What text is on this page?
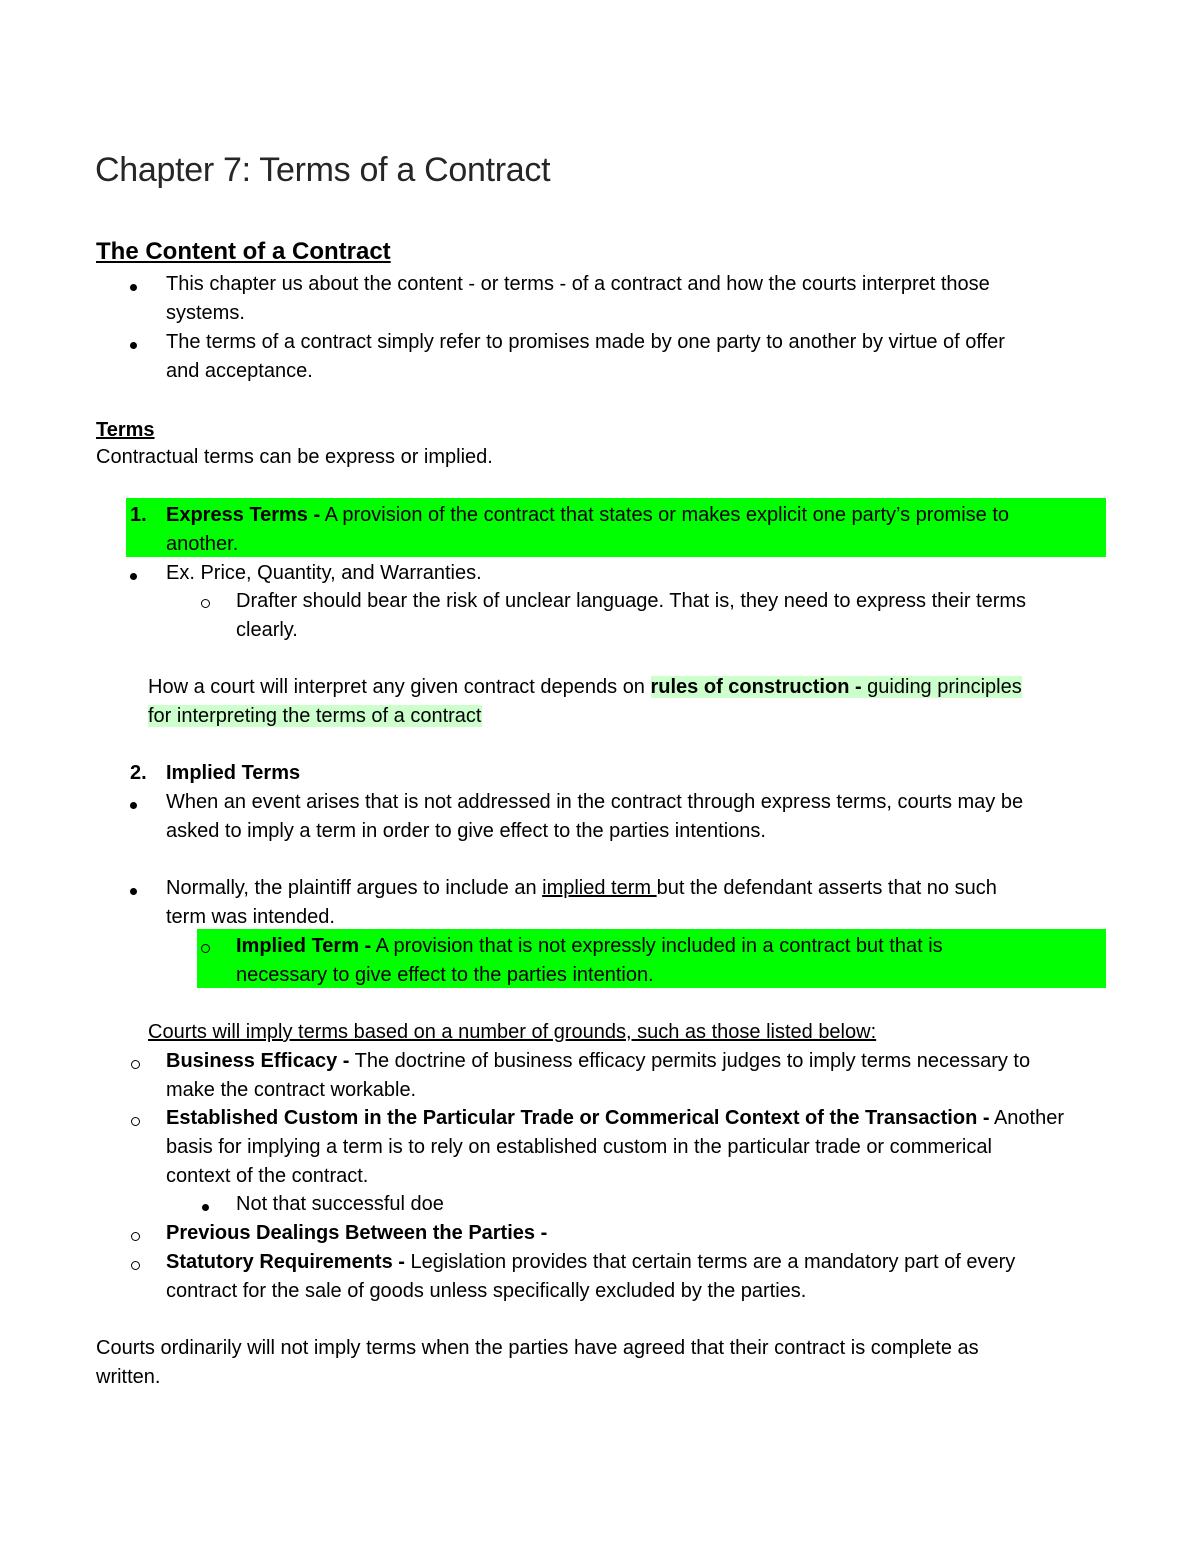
Chapter 7: Terms of a Contract
The Content of a Contract
This chapter us about the content - or terms - of a contract and how the courts interpret those
systems.
The terms of a contract simply refer to promises made by one party to another by virtue of offer
and acceptance.
Terms
Contractual terms can be express or implied.
1. Express Terms - A provision of the contract that states or makes explicit one party’s promise to
another.
Ex. Price, Quantity, and Warranties.
Drafter should bear the risk of unclear language. That is, they need to express their terms
clearly.
How a court will interpret any given contract depends on rules of construction - guiding principles
for interpreting the terms of a contract
2. Implied Terms
When an event arises that is not addressed in the contract through express terms, courts may be
asked to imply a term in order to give effect to the parties intentions.
Normally, the plaintiff argues to include an implied term but the defendant asserts that no such
term was intended.
Implied Term - A provision that is not expressly included in a contract but that is
necessary to give effect to the parties intention.
Courts will imply terms based on a number of grounds, such as those listed below:
Business Efficacy - The doctrine of business efficacy permits judges to imply terms necessary to
make the contract workable.
Established Custom in the Particular Trade or Commerical Context of the Transaction - Another
basis for implying a term is to rely on established custom in the particular trade or commerical
context of the contract.
Not that successful doe
Previous Dealings Between the Parties -
Statutory Requirements - Legislation provides that certain terms are a mandatory part of every
contract for the sale of goods unless specifically excluded by the parties.
Courts ordinarily will not imply terms when the parties have agreed that their contract is complete as
written.
